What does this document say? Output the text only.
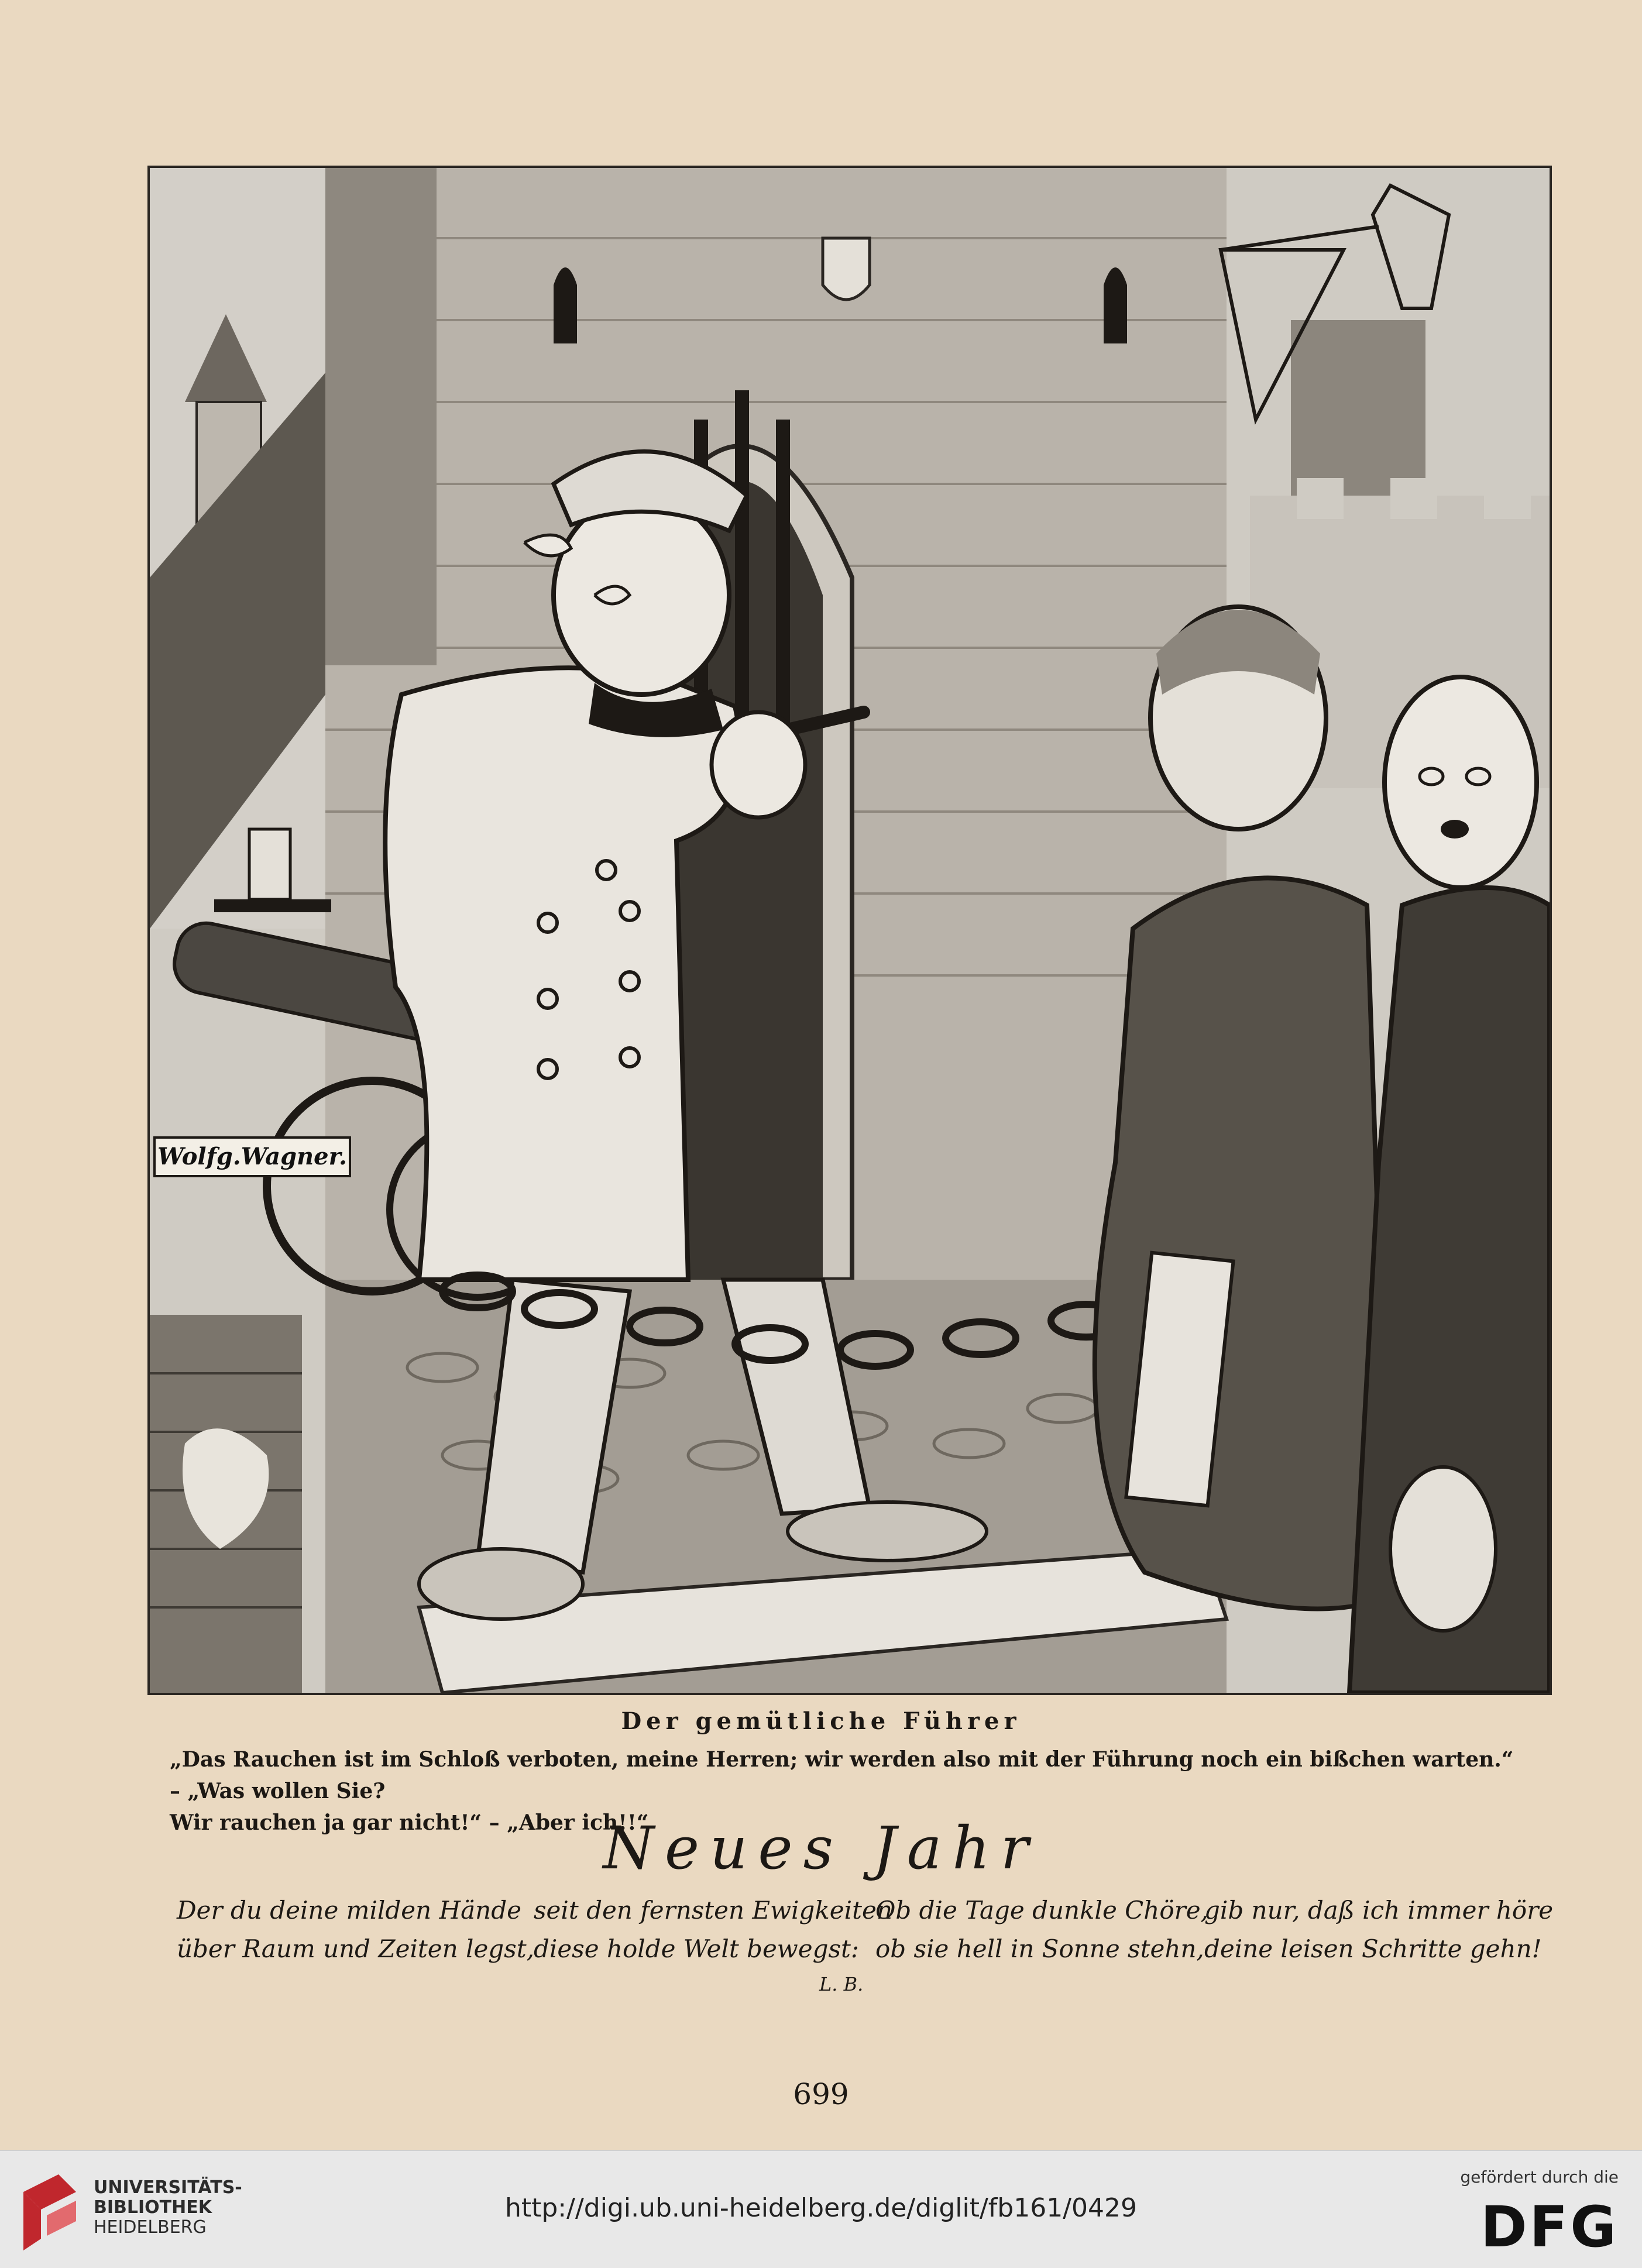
Wolfg.Wagner.
Der gemütliche Führer
„Das Rauchen ist im Schloß verboten, meine Herren; wir werden also mit der Führung noch ein bißchen warten.“ – „Was wollen Sie?
Wir rauchen ja gar nicht!“ – „Aber ich!!“
Neues Jahr
Der du deine milden Hände
über Raum und Zeiten legst,
seit den fernsten Ewigkeiten
diese holde Welt bewegst:
Ob die Tage dunkle Chöre,
ob sie hell in Sonne stehn,
gib nur, daß ich immer höre
deine leisen Schritte gehn!
L. B.
699
UNIVERSITÄTS-
BIBLIOTHEK
HEIDELBERG
http://digi.ub.uni-heidelberg.de/diglit/fb161/0429
gefördert durch die
DFG
